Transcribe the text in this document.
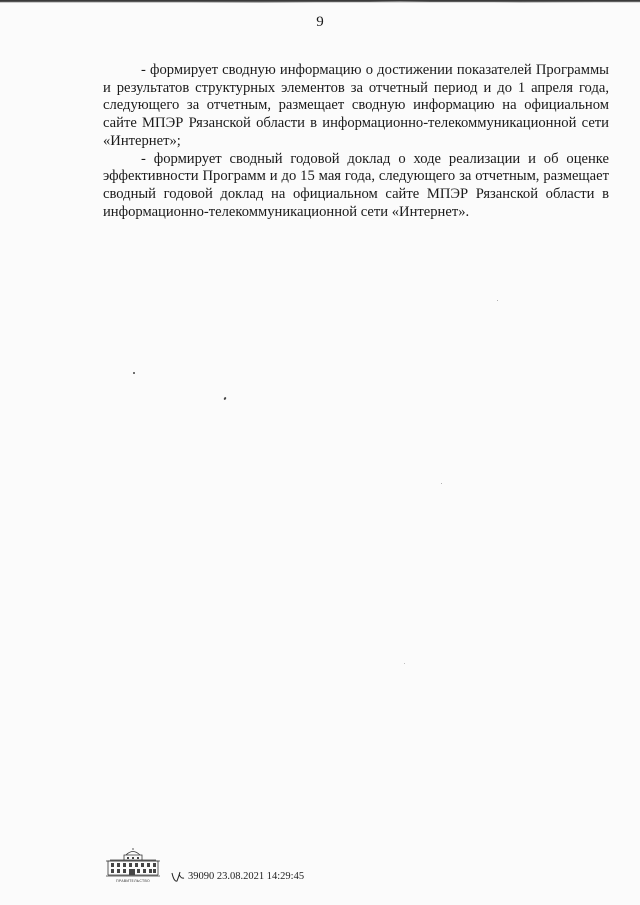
9

- формирует сводную информацию о достижении показателей Программы и результатов структурных элементов за отчетный период и до 1 апреля года, следующего за отчетным, размещает сводную информацию на официальном сайте МПЭР Рязанской области в информационно-телекоммуникационной сети «Интернет»;

- формирует сводный годовой доклад о ходе реализации и об оценке эффективности Программ и до 15 мая года, следующего за отчетным, размещает сводный годовой доклад на официальном сайте МПЭР Рязанской области в информационно-телекоммуникационной сети «Интернет».

ПРАВИТЕЛЬСТВО	39090 23.08.2021 14:29:45
